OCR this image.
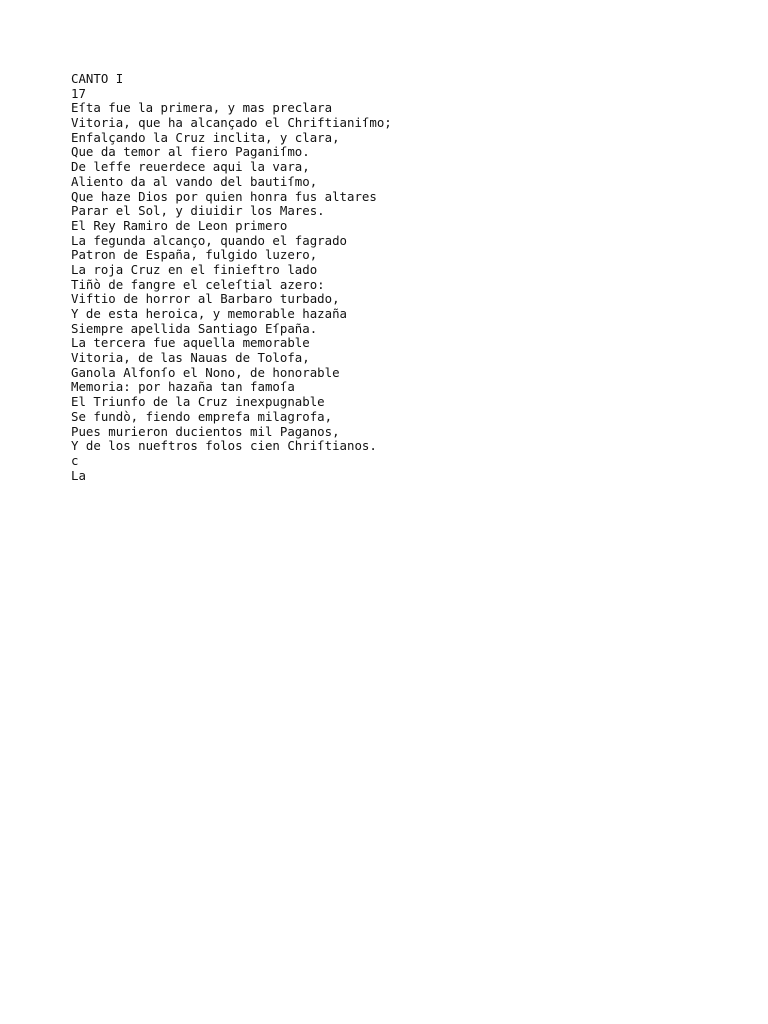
CANTO I
17
Eſta fue la primera, y mas preclara
Vitoria, que ha alcançado el Chriftianiſmo;
Enfalçando la Cruz inclita, y clara,
Que da temor al fiero Paganiſmo.
De leffe reuerdece aqui la vara,
Aliento da al vando del bautiſmo,
Que haze Dios por quien honra fus altares
Parar el Sol, y diuidir los Mares.
El Rey Ramiro de Leon primero
La fegunda alcanço, quando el fagrado
Patron de España, fulgido luzero,
La roja Cruz en el finieftro lado
Tiñò de fangre el celeſtial azero:
Viftio de horror al Barbaro turbado,
Y de esta heroica, y memorable hazaña
Siempre apellida Santiago Eſpaña.
La tercera fue aquella memorable
Vitoria, de las Nauas de Tolofa,
Ganola Alfonſo el Nono, de honorable
Memoria: por hazaña tan famoſa
El Triunfo de la Cruz inexpugnable
Se fundò, fiendo emprefa milagrofa,
Pues murieron ducientos mil Paganos,
Y de los nueftros folos cien Chriſtianos.
c
La
